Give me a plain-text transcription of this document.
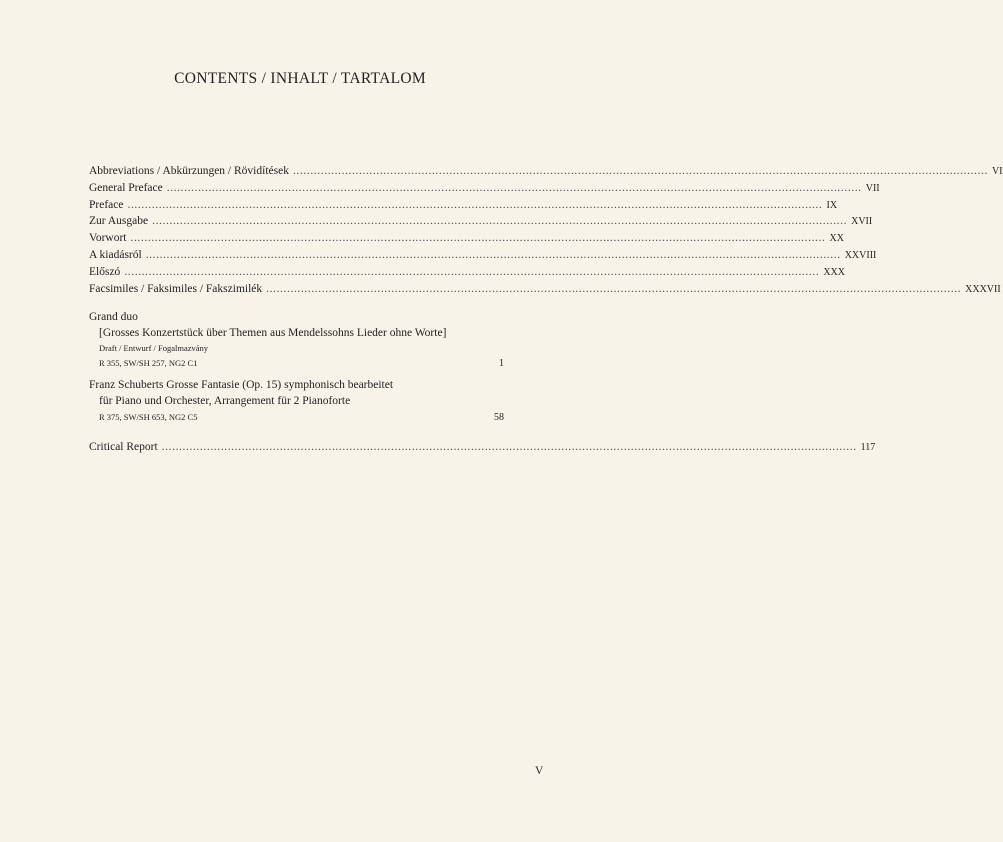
CONTENTS / INHALT / TARTALOM
Abbreviations / Abkürzungen / Rövidítések ........................................................................................................................................................................................................ VI
General Preface ........................................................................................................................................................................................................ VII
Preface ........................................................................................................................................................................................................ IX
Zur Ausgabe ........................................................................................................................................................................................................ XVII
Vorwort ........................................................................................................................................................................................................ XX
A kiadásról ........................................................................................................................................................................................................ XXVIII
Előszó ........................................................................................................................................................................................................ XXX
Facsimiles / Faksimiles / Fakszimilék ........................................................................................................................................................................................................ XXXVII
Grand duo
[Grosses Konzertstück über Themen aus Mendelssohns Lieder ohne Worte]
Draft / Entwurf / Fogalmazvány
R 355, SW/SH 257, NG2 C1	1
Franz Schuberts Grosse Fantasie (Op. 15) symphonisch bearbeitet
für Piano und Orchester, Arrangement für 2 Pianoforte
R 375, SW/SH 653, NG2 C5	58
Critical Report ........................................................................................................................................................................................................ 117
V
